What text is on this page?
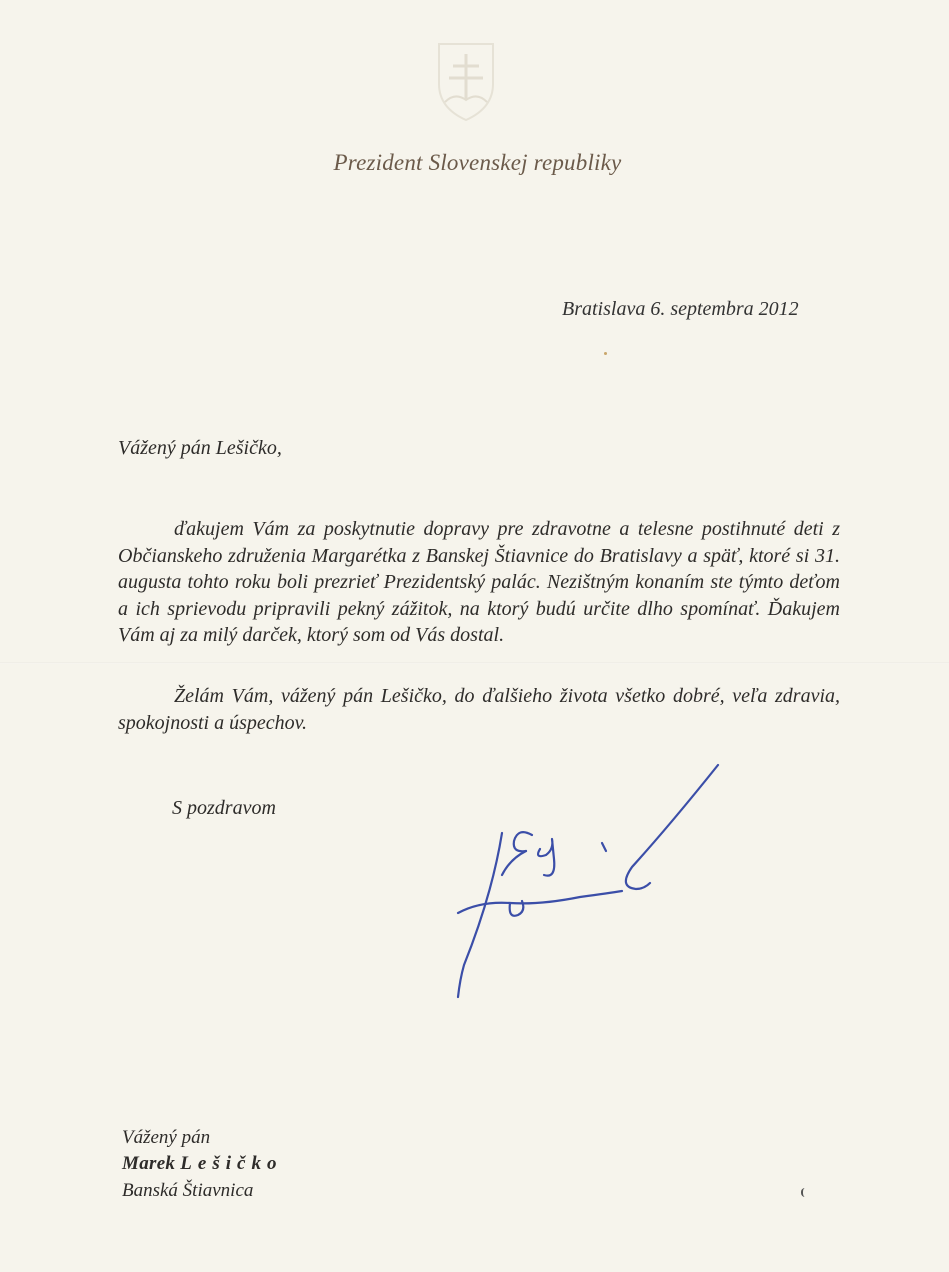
Prezident Slovenskej republiky
Bratislava 6. septembra 2012
Vážený pán Lešičko,
ďakujem Vám za poskytnutie dopravy pre zdravotne a telesne postihnuté deti z Občianskeho združenia Margarétka z Banskej Štiavnice do Bratislavy a späť, ktoré si 31. augusta tohto roku boli prezrieť Prezidentský palác. Nezištným konaním ste týmto deťom a ich sprievodu pripravili pekný zážitok, na ktorý budú určite dlho spomínať. Ďakujem Vám aj za milý darček, ktorý som od Vás dostal.
Želám Vám, vážený pán Lešičko, do ďalšieho života všetko dobré, veľa zdravia, spokojnosti a úspechov.
S pozdravom
Vážený pán
Marek Lešičko
Banská Štiavnica
